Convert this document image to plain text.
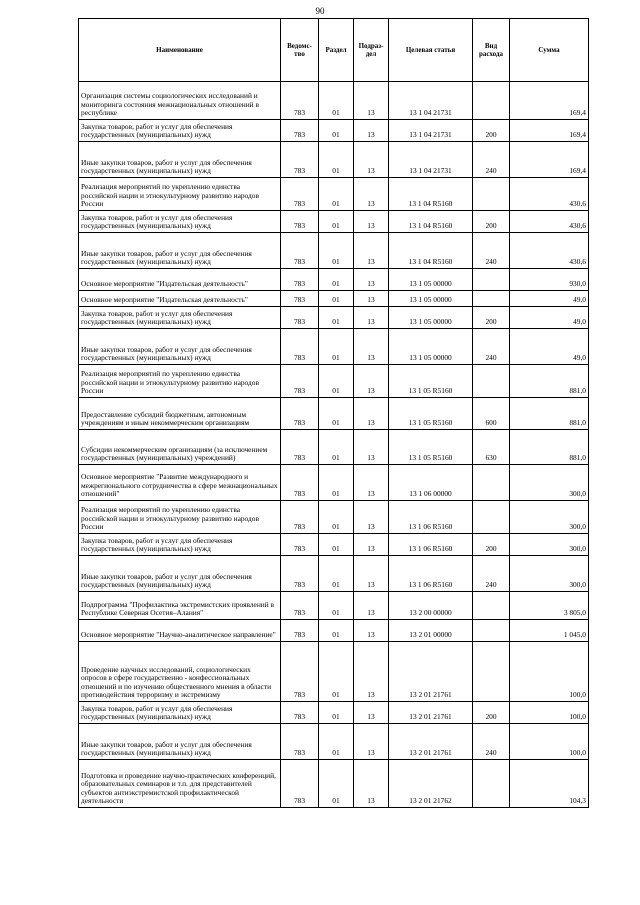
90
Наименование	Ведомс-тво	Раздел	Подраз-дел	Целевая статья	Вид расхода	Сумма
Организация системы социологических исследований и мониторинга состояния межнациональных отношений в республике	783	01	13	13 1 04 21731		169,4
Закупка товаров, работ и услуг для обеспечения государственных (муниципальных) нужд	783	01	13	13 1 04 21731	200	169,4
Иные закупки товаров, работ и услуг для обеспечения государственных (муниципальных) нужд	783	01	13	13 1 04 21731	240	169,4
Реализация мероприятий по укреплению единства российской нации и этнокультурному развитию народов России	783	01	13	13 1 04 R5160		430,6
Закупка товаров, работ и услуг для обеспечения государственных (муниципальных) нужд	783	01	13	13 1 04 R5160	200	430,6
Иные закупки товаров, работ и услуг для обеспечения государственных (муниципальных) нужд	783	01	13	13 1 04 R5160	240	430,6
Основное мероприятие "Издательская деятельность"	783	01	13	13 1 05 00000		930,0
Основное мероприятие "Издательская деятельность"	783	01	13	13 1 05 00000		49,0
Закупка товаров, работ и услуг для обеспечения государственных (муниципальных) нужд	783	01	13	13 1 05 00000	200	49,0
Иные закупки товаров, работ и услуг для обеспечения государственных (муниципальных) нужд	783	01	13	13 1 05 00000	240	49,0
Реализация мероприятий по укреплению единства российской нации и этнокультурному развитию народов России	783	01	13	13 1 05 R5160		881,0
Предоставление субсидий бюджетным, автономным учреждениям и иным некоммерческим организациям	783	01	13	13 1 05 R5160	600	881,0
Субсидии некоммерческим организациям (за исключением государственных (муниципальных) учреждений)	783	01	13	13 1 05 R5160	630	881,0
Основное мероприятие "Развитие международного и межрегионального сотрудничества в сфере межнациональных отношений"	783	01	13	13 1 06 00000		300,0
Реализация мероприятий по укреплению единства российской нации и этнокультурному развитию народов России	783	01	13	13 1 06 R5160		300,0
Закупка товаров, работ и услуг для обеспечения государственных (муниципальных) нужд	783	01	13	13 1 06 R5160	200	300,0
Иные закупки товаров, работ и услуг для обеспечения государственных (муниципальных) нужд	783	01	13	13 1 06 R5160	240	300,0
Подпрограмма "Профилактика экстремистских проявлений в Республике Северная Осетия–Алания"	783	01	13	13 2 00 00000		3 805,0
Основное мероприятие "Научно-аналитическое направление"	783	01	13	13 2 01 00000		1 045,0
Проведение научных исследований, социологических опросов в сфере государственно - конфессиональных отношений и по изучению общественного мнения в области противодействия терроризму и экстремизму	783	01	13	13 2 01 21761		100,0
Закупка товаров, работ и услуг для обеспечения государственных (муниципальных) нужд	783	01	13	13 2 01 21761	200	100,0
Иные закупки товаров, работ и услуг для обеспечения государственных (муниципальных) нужд	783	01	13	13 2 01 21761	240	100,0
Подготовка и проведение научно-практических конференций, образовательных семинаров и т.п. для представителей субъектов антиэкстремистской профилактической деятельности	783	01	13	13 2 01 21762		104,3
